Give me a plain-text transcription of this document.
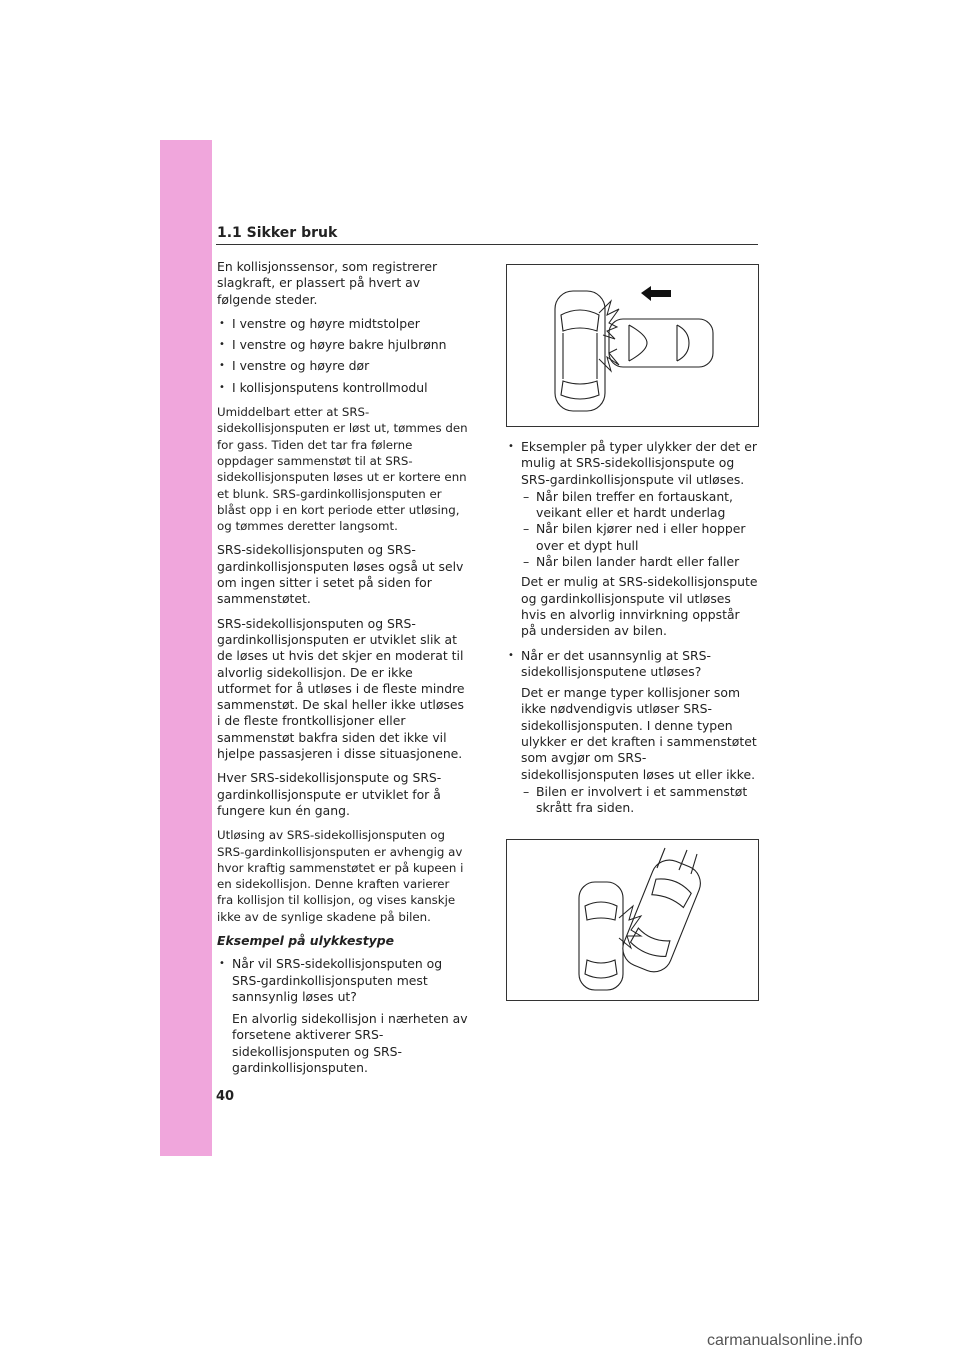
1.1 Sikker bruk

En kollisjonssensor, som registrerer slagkraft, er plassert på hvert av følgende steder.

• I venstre og høyre midtstolper
• I venstre og høyre bakre hjulbrønn
• I venstre og høyre dør
• I kollisjonsputens kontrollmodul

Umiddelbart etter at SRS-sidekollisjonsputen er løst ut, tømmes den for gass. Tiden det tar fra følerne oppdager sammenstøt til at SRS-sidekollisjonsputen løses ut er kortere enn et blunk. SRS-gardinkollisjonsputen er blåst opp i en kort periode etter utløsing, og tømmes deretter langsomt.

SRS-sidekollisjonsputen og SRS-gardinkollisjonsputen løses også ut selv om ingen sitter i setet på siden for sammenstøtet.

SRS-sidekollisjonsputen og SRS-gardinkollisjonsputen er utviklet slik at de løses ut hvis det skjer en moderat til alvorlig sidekollisjon. De er ikke utformet for å utløses i de fleste mindre sammenstøt. De skal heller ikke utløses i de fleste frontkollisjoner eller sammenstøt bakfra siden det ikke vil hjelpe passasjeren i disse situasjonene.

Hver SRS-sidekollisjonspute og SRS-gardinkollisjonspute er utviklet for å fungere kun én gang.

Utløsing av SRS-sidekollisjonsputen og SRS-gardinkollisjonsputen er avhengig av hvor kraftig sammenstøtet er på kupeen i en sidekollisjon. Denne kraften varierer fra kollisjon til kollisjon, og vises kanskje ikke av de synlige skadene på bilen.

Eksempel på ulykkestype

• Når vil SRS-sidekollisjonsputen og SRS-gardinkollisjonsputen mest sannsynlig løses ut?
En alvorlig sidekollisjon i nærheten av forsetene aktiverer SRS-sidekollisjonsputen og SRS-gardinkollisjonsputen.
• Eksempler på typer ulykker der det er mulig at SRS-sidekollisjonspute og SRS-gardinkollisjonspute vil utløses.
– Når bilen treffer en fortauskant, veikant eller et hardt underlag
– Når bilen kjører ned i eller hopper over et dypt hull
– Når bilen lander hardt eller faller

Det er mulig at SRS-sidekollisjonspute og gardinkollisjonspute vil utløses hvis en alvorlig innvirkning oppstår på undersiden av bilen.

• Når er det usannsynlig at SRS-sidekollisjonsputene utløses?
Det er mange typer kollisjoner som ikke nødvendigvis utløser SRS-sidekollisjonsputen. I denne typen ulykker er det kraften i sammenstøtet som avgjør om SRS-sidekollisjonsputen løses ut eller ikke.
– Bilen er involvert i et sammenstøt skrått fra siden.
40
carmanualsonline.info
